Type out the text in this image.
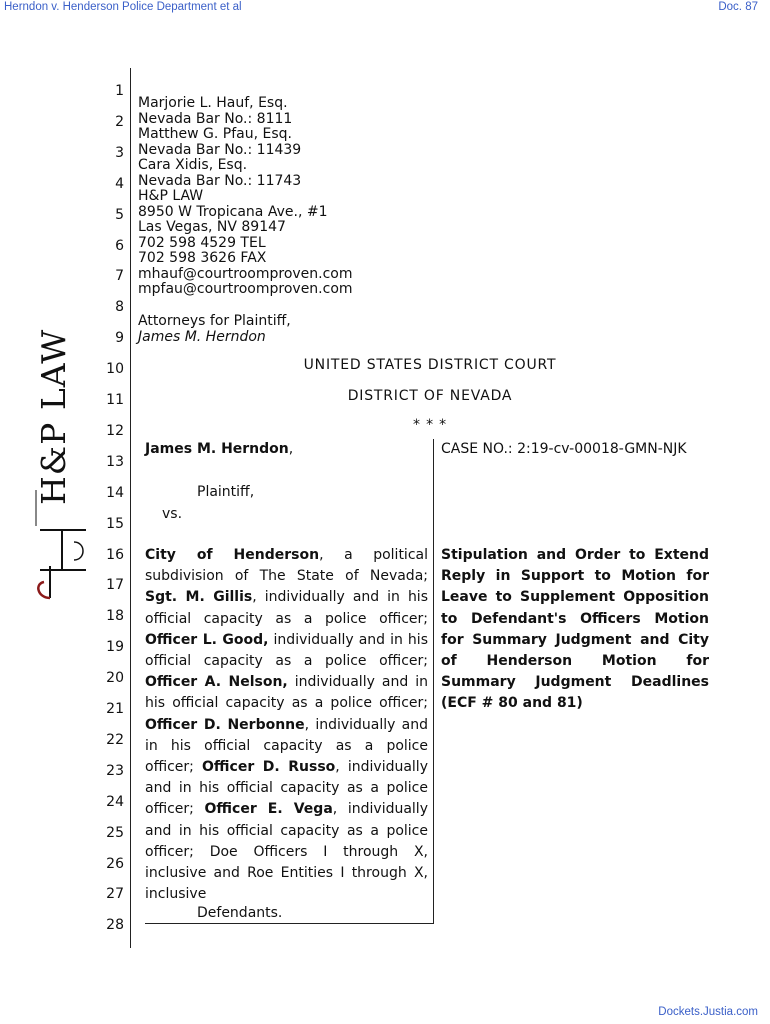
Herndon v. Henderson Police Department et al	Doc. 87
H&P LAW
1
2
3
4
5
6
7
8
9
10
11
12
13
14
15
16
17
18
19
20
21
22
23
24
25
26
27
28
Marjorie L. Hauf, Esq.
Nevada Bar No.: 8111
Matthew G. Pfau, Esq.
Nevada Bar No.: 11439
Cara Xidis, Esq.
Nevada Bar No.: 11743
H&P LAW
8950 W Tropicana Ave., #1
Las Vegas, NV 89147
702 598 4529 TEL
702 598 3626 FAX
mhauf@courtroomproven.com
mpfau@courtroomproven.com
Attorneys for Plaintiff,
James M. Herndon
UNITED STATES DISTRICT COURT
DISTRICT OF NEVADA
* * *
James M. Herndon,
Plaintiff,
vs.
City of Henderson, a political subdivision of The State of Nevada; Sgt. M. Gillis, individually and in his official capacity as a police officer; Officer L. Good, individually and in his official capacity as a police officer; Officer A. Nelson, individually and in his official capacity as a police officer; Officer D. Nerbonne, individually and in his official capacity as a police officer; Officer D. Russo, individually and in his official capacity as a police officer; Officer E. Vega, individually and in his official capacity as a police officer; Doe Officers I through X, inclusive and Roe Entities I through X, inclusive
Defendants.
CASE NO.: 2:19-cv-00018-GMN-NJK
Stipulation and Order to Extend Reply in Support to Motion for Leave to Supplement Opposition to Defendant's Officers Motion for Summary Judgment and City of Henderson Motion for Summary Judgment Deadlines (ECF # 80 and 81)
Dockets.Justia.com
